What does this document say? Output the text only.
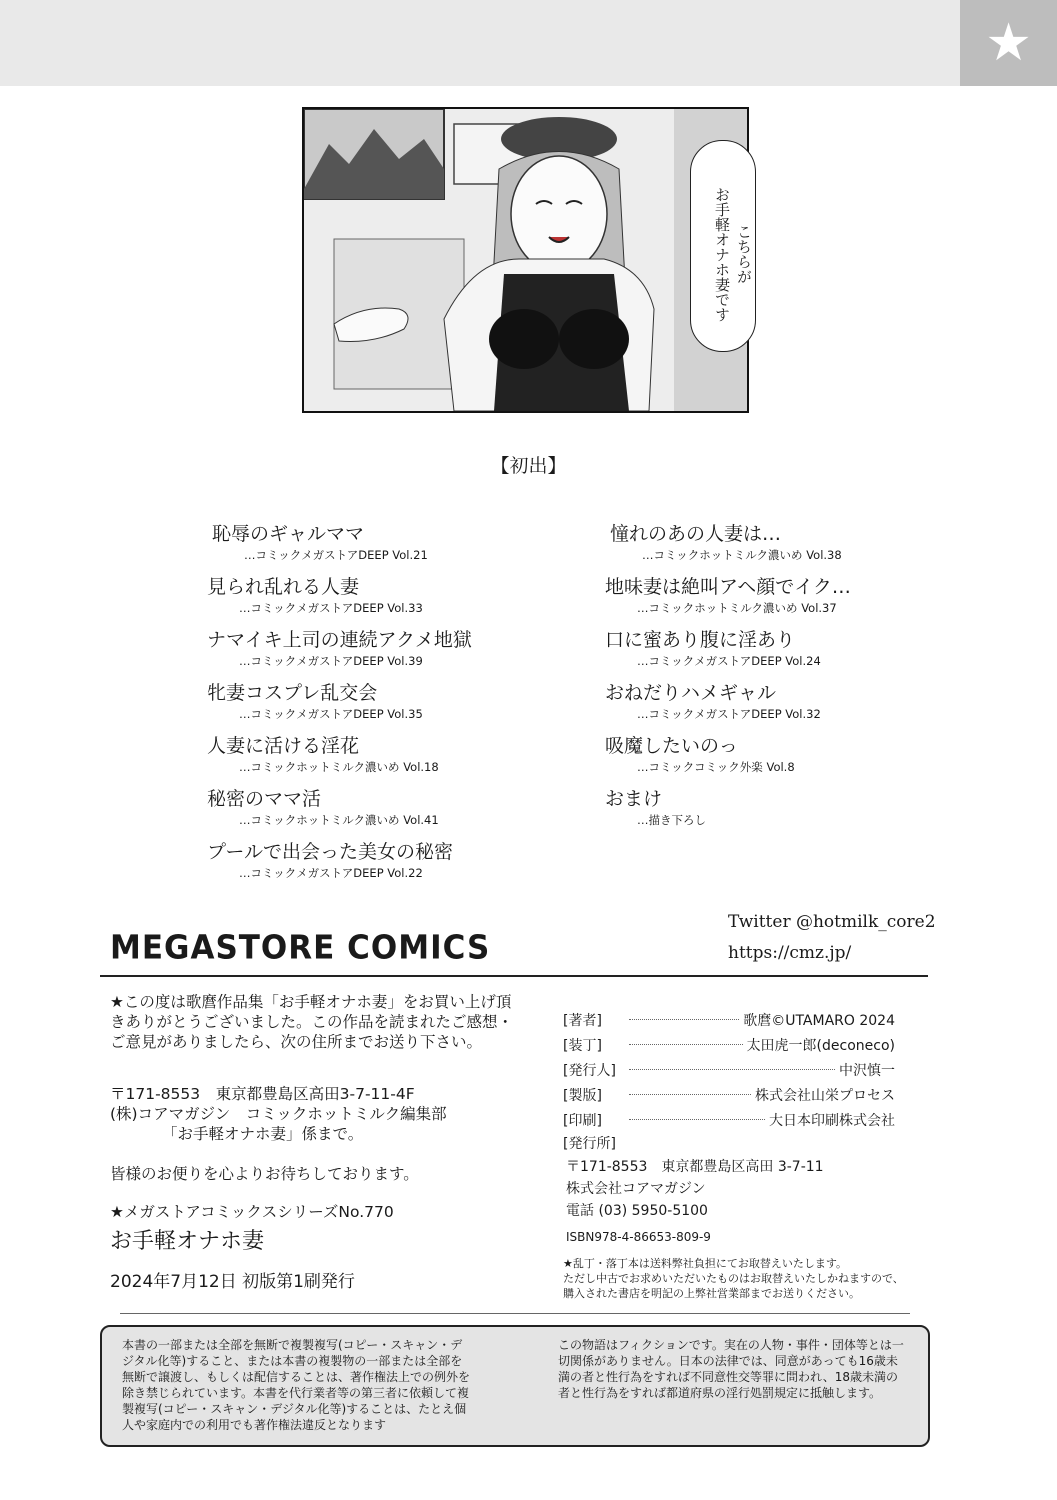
★
こちらが お手軽オナホ妻です
【初出】
恥辱のギャルママ
…コミックメガストアDEEP Vol.21
見られ乱れる人妻
…コミックメガストアDEEP Vol.33
ナマイキ上司の連続アクメ地獄
…コミックメガストアDEEP Vol.39
牝妻コスプレ乱交会
…コミックメガストアDEEP Vol.35
人妻に活ける淫花
…コミックホットミルク濃いめ Vol.18
秘密のママ活
…コミックホットミルク濃いめ Vol.41
プールで出会った美女の秘密
…コミックメガストアDEEP Vol.22
憧れのあの人妻は…
…コミックホットミルク濃いめ Vol.38
地味妻は絶叫アヘ顔でイク…
…コミックホットミルク濃いめ Vol.37
口に蜜あり腹に淫あり
…コミックメガストアDEEP Vol.24
おねだりハメギャル
…コミックメガストアDEEP Vol.32
吸魔したいのっ
…コミックコミック外楽 Vol.8
おまけ
…描き下ろし
MEGASTORE COMICS
Twitter @hotmilk_core2
https://cmz.jp/
★この度は歌麿作品集「お手軽オナホ妻」をお買い上げ頂きありがとうございました。この作品を読まれたご感想・ご意見がありましたら、次の住所までお送り下さい。
〒171-8553　東京都豊島区高田3-7-11-4F
(株)コアマガジン　コミックホットミルク編集部
「お手軽オナホ妻」係まで。
皆様のお便りを心よりお待ちしております。
★メガストアコミックスシリーズNo.770
お手軽オナホ妻
2024年7月12日 初版第1刷発行
[著者]	歌麿©UTAMARO 2024
[装丁]	太田虎一郎(deconeco)
[発行人]	中沢慎一
[製版]	株式会社山栄プロセス
[印刷]	大日本印刷株式会社
[発行所]
〒171-8553　東京都豊島区高田 3-7-11
株式会社コアマガジン
電話 (03) 5950-5100
ISBN978-4-86653-809-9
★乱丁・落丁本は送料弊社負担にてお取替えいたします。
ただし中古でお求めいただいたものはお取替えいたしかねますので、
購入された書店を明記の上弊社営業部までお送りください。
本書の一部または全部を無断で複製複写(コピー・スキャン・デジタル化等)すること、または本書の複製物の一部または全部を無断で譲渡し、もしくは配信することは、著作権法上での例外を除き禁じられています。本書を代行業者等の第三者に依頼して複製複写(コピー・スキャン・デジタル化等)することは、たとえ個人や家庭内での利用でも著作権法違反となります
この物語はフィクションです。実在の人物・事件・団体等とは一切関係がありません。日本の法律では、同意があっても16歳未満の者と性行為をすれば不同意性交等罪に問われ、18歳未満の者と性行為をすれば都道府県の淫行処罰規定に抵触します。
